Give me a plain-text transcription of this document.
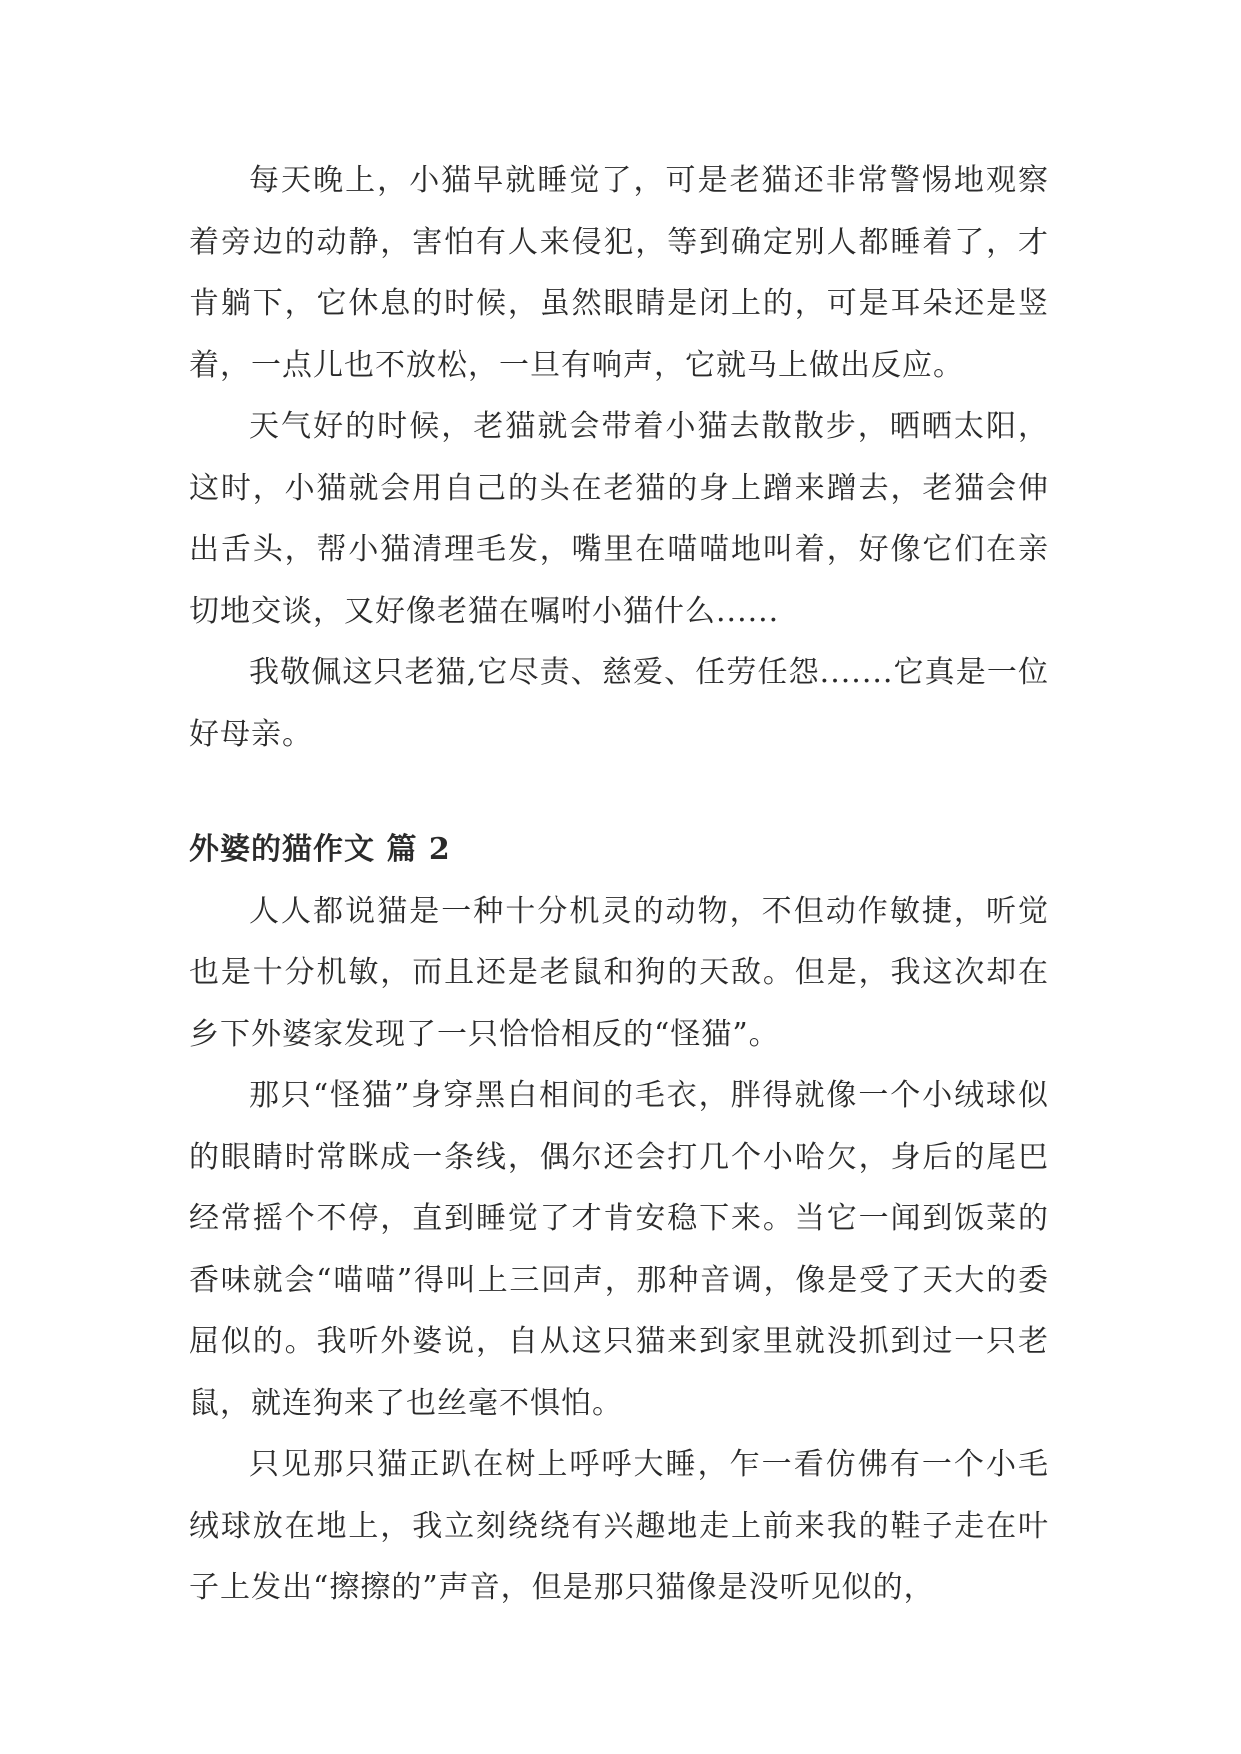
每天晚上，小猫早就睡觉了，可是老猫还非常警惕地观察着旁边的动静，害怕有人来侵犯，等到确定别人都睡着了，才肯躺下，它休息的时候，虽然眼睛是闭上的，可是耳朵还是竖着，一点儿也不放松，一旦有响声，它就马上做出反应。

天气好的时候，老猫就会带着小猫去散散步，晒晒太阳，这时，小猫就会用自己的头在老猫的身上蹭来蹭去，老猫会伸出舌头，帮小猫清理毛发，嘴里在喵喵地叫着，好像它们在亲切地交谈，又好像老猫在嘱咐小猫什么......

我敬佩这只老猫,它尽责、慈爱、任劳任怨.......它真是一位好母亲。

外婆的猫作文 篇 2

人人都说猫是一种十分机灵的动物，不但动作敏捷，听觉也是十分机敏，而且还是老鼠和狗的天敌。但是，我这次却在乡下外婆家发现了一只恰恰相反的“怪猫”。

那只“怪猫”身穿黑白相间的毛衣，胖得就像一个小绒球似的眼睛时常眯成一条线，偶尔还会打几个小哈欠，身后的尾巴经常摇个不停，直到睡觉了才肯安稳下来。当它一闻到饭菜的香味就会“喵喵”得叫上三回声，那种音调，像是受了天大的委屈似的。我听外婆说，自从这只猫来到家里就没抓到过一只老鼠，就连狗来了也丝毫不惧怕。

只见那只猫正趴在树上呼呼大睡，乍一看仿佛有一个小毛绒球放在地上，我立刻绕绕有兴趣地走上前来我的鞋子走在叶子上发出“擦擦的”声音，但是那只猫像是没听见似的，
